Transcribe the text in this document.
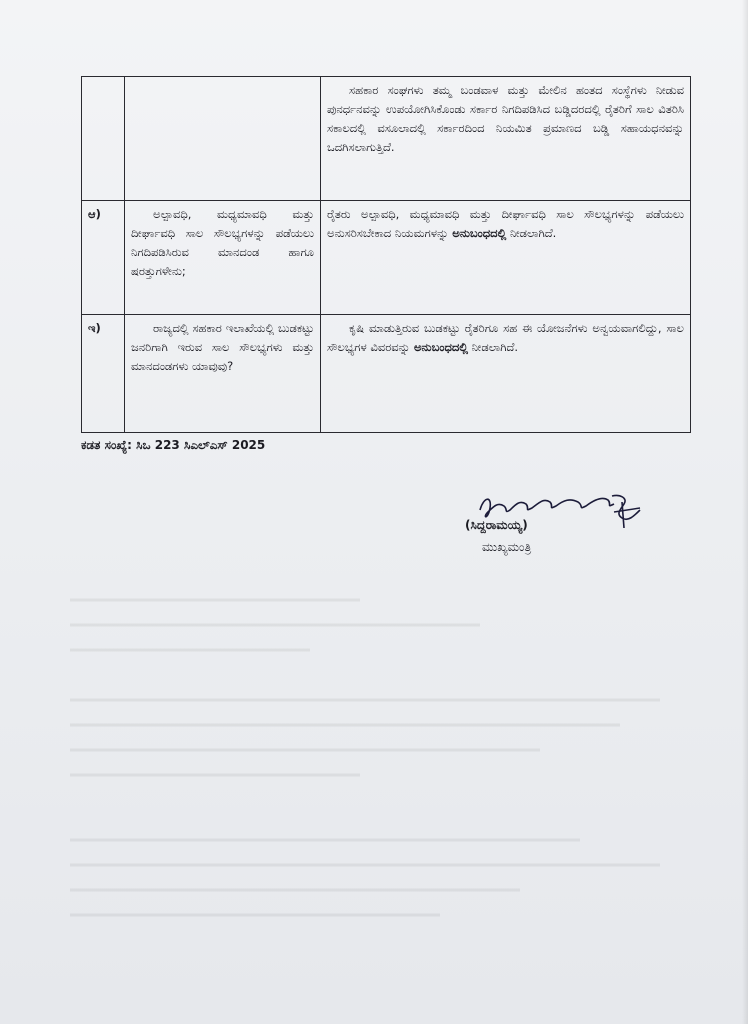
		ಸಹಕಾರ ಸಂಘಗಳು ತಮ್ಮ ಬಂಡವಾಳ ಮತ್ತು ಮೇಲಿನ ಹಂತದ ಸಂಸ್ಥೆಗಳು ನೀಡುವ ಪುನರ್ಧನವನ್ನು ಉಪಯೋಗಿಸಿಕೊಂಡು ಸರ್ಕಾರ ನಿಗದಿಪಡಿಸಿದ ಬಡ್ಡಿದರದಲ್ಲಿ ರೈತರಿಗೆ ಸಾಲ ವಿತರಿಸಿ ಸಕಾಲದಲ್ಲಿ ವಸೂಲಾದಲ್ಲಿ ಸರ್ಕಾರದಿಂದ ನಿಯಮಿತ ಪ್ರಮಾಣದ ಬಡ್ಡಿ ಸಹಾಯಧನವನ್ನು ಒದಗಿಸಲಾಗುತ್ತಿದೆ.
ಆ)	ಅಲ್ಪಾವಧಿ, ಮಧ್ಯಮಾವಧಿ ಮತ್ತು ದೀರ್ಘಾವಧಿ ಸಾಲ ಸೌಲಭ್ಯಗಳನ್ನು ಪಡೆಯಲು ನಿಗದಿಪಡಿಸಿರುವ ಮಾನದಂಡ ಹಾಗೂ ಷರತ್ತುಗಳೇನು;	ರೈತರು ಅಲ್ಪಾವಧಿ, ಮಧ್ಯಮಾವಧಿ ಮತ್ತು ದೀರ್ಘಾವಧಿ ಸಾಲ ಸೌಲಭ್ಯಗಳನ್ನು ಪಡೆಯಲು ಅನುಸರಿಸಬೇಕಾದ ನಿಯಮಗಳನ್ನು ಅನುಬಂಧದಲ್ಲಿ ನೀಡಲಾಗಿದೆ.
ಇ)	ರಾಜ್ಯದಲ್ಲಿ ಸಹಕಾರ ಇಲಾಖೆಯಲ್ಲಿ ಬುಡಕಟ್ಟು ಜನರಿಗಾಗಿ ಇರುವ ಸಾಲ ಸೌಲಭ್ಯಗಳು ಮತ್ತು ಮಾನದಂಡಗಳು ಯಾವುವು?	ಕೃಷಿ ಮಾಡುತ್ತಿರುವ ಬುಡಕಟ್ಟು ರೈತರಿಗೂ ಸಹ ಈ ಯೋಜನೆಗಳು ಅನ್ವಯವಾಗಲಿದ್ದು, ಸಾಲ ಸೌಲಭ್ಯಗಳ ವಿವರವನ್ನು ಅನುಬಂಧದಲ್ಲಿ ನೀಡಲಾಗಿದೆ.
ಕಡತ ಸಂಖ್ಯೆ: ಸಿಒ 223 ಸಿಎಲ್ಎಸ್ 2025
(ಸಿದ್ದರಾಮಯ್ಯ)
ಮುಖ್ಯಮಂತ್ರಿ
